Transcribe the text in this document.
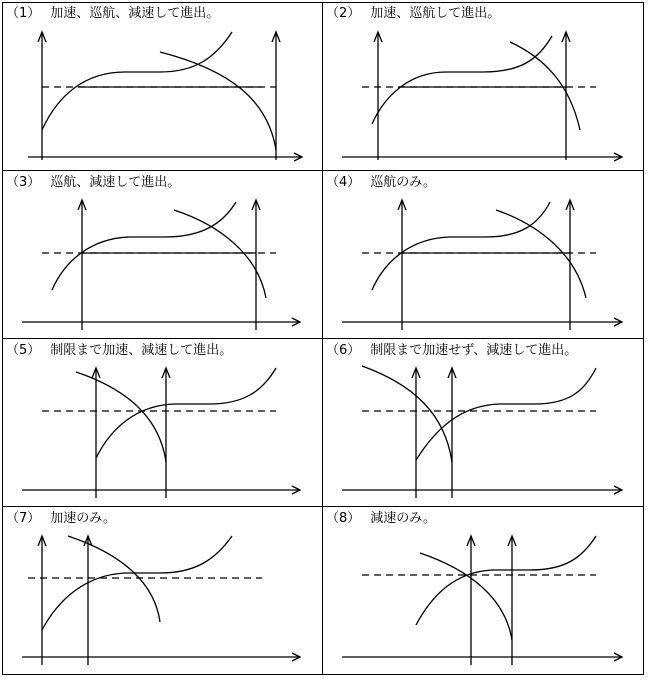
（1） 加速、巡航、減速して進出。	（2） 加速、巡航して進出。
（3） 巡航、減速して進出。	（4） 巡航のみ。
（5） 制限まで加速、減速して進出。	（6） 制限まで加速せず、減速して進出。
（7） 加速のみ。	（8） 減速のみ。
